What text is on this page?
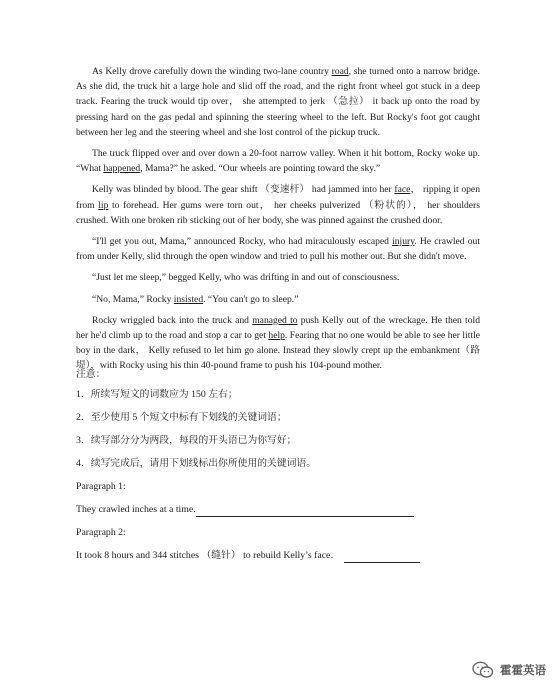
As Kelly drove carefully down the winding two-lane country road, she turned onto a narrow bridge. As she did, the truck hit a large hole and slid off the road, and the right front wheel got stuck in a deep track. Fearing the truck would tip over， she attempted to jerk （急拉） it back up onto the road by pressing hard on the gas pedal and spinning the steering wheel to the left. But Rocky's foot got caught between her leg and the steering wheel and she lost control of the pickup truck.

The truck flipped over and over down a 20-foot narrow valley. When it hit bottom, Rocky woke up. “What happened, Mama?” he asked. “Our wheels are pointing toward the sky.”

Kelly was blinded by blood. The gear shift （变速杆） had jammed into her face， ripping it open from lip to forehead. Her gums were torn out， her cheeks pulverized （粉状的）， her shoulders crushed. With one broken rib sticking out of her body, she was pinned against the crushed door.

“I'll get you out, Mama,” announced Rocky, who had miraculously escaped injury. He crawled out from under Kelly, slid through the open window and tried to pull his mother out. But she didn't move.

“Just let me sleep,” begged Kelly, who was drifting in and out of consciousness.

“No, Mama,” Rocky insisted. “You can't go to sleep.”

Rocky wriggled back into the truck and managed to push Kelly out of the wreckage. He then told her he'd climb up to the road and stop a car to get help. Fearing that no one would be able to see her little boy in the dark， Kelly refused to let him go alone. Instead they slowly crept up the embankment（路堤），with Rocky using his thin 40-pound frame to push his 104-pound mother.

注意：
1．所续写短文的词数应为 150 左右；
2．至少使用 5 个短文中标有下划线的关键词语；
3．续写部分分为两段，每段的开头语已为你写好；
4．续写完成后，请用下划线标出你所使用的关键词语。
Paragraph 1:
They crawled inches at a time.
Paragraph 2:
It took 8 hours and 344 stitches （缝针） to rebuild Kelly’s face．
霍霍英语
